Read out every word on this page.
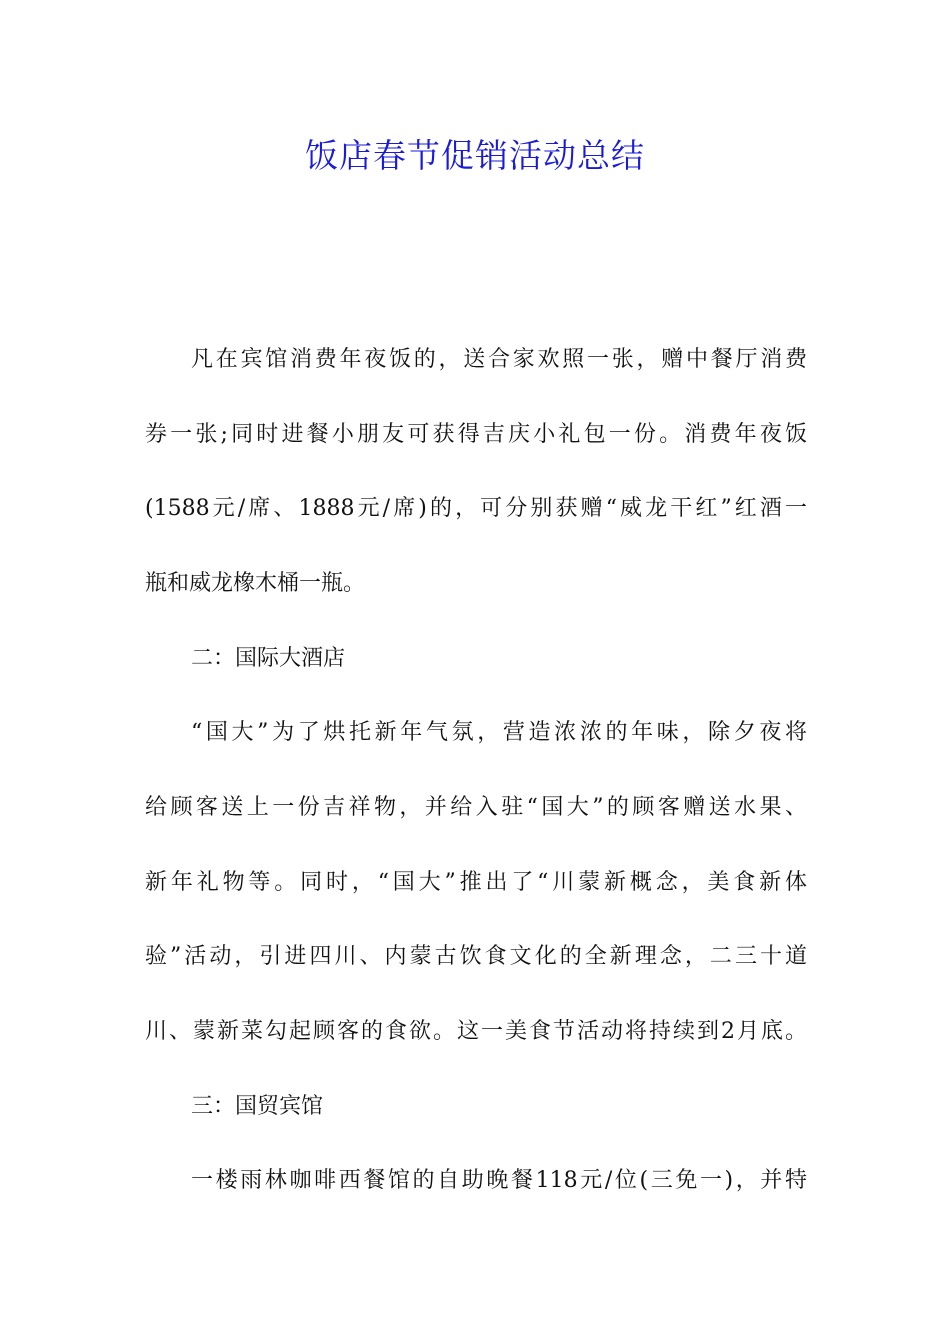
饭店春节促销活动总结
凡在宾馆消费年夜饭的，送合家欢照一张，赠中餐厅消费
券一张;同时进餐小朋友可获得吉庆小礼包一份。消费年夜饭
(1588元/席、1888元/席)的，可分别获赠“威龙干红”红酒一
瓶和威龙橡木桶一瓶。
二：国际大酒店
“国大”为了烘托新年气氛，营造浓浓的年味，除夕夜将
给顾客送上一份吉祥物，并给入驻“国大”的顾客赠送水果、
新年礼物等。同时，“国大”推出了“川蒙新概念，美食新体
验”活动，引进四川、内蒙古饮食文化的全新理念，二三十道
川、蒙新菜勾起顾客的食欲。这一美食节活动将持续到2月底。
三：国贸宾馆
一楼雨林咖啡西餐馆的自助晚餐118元/位(三免一)，并特
